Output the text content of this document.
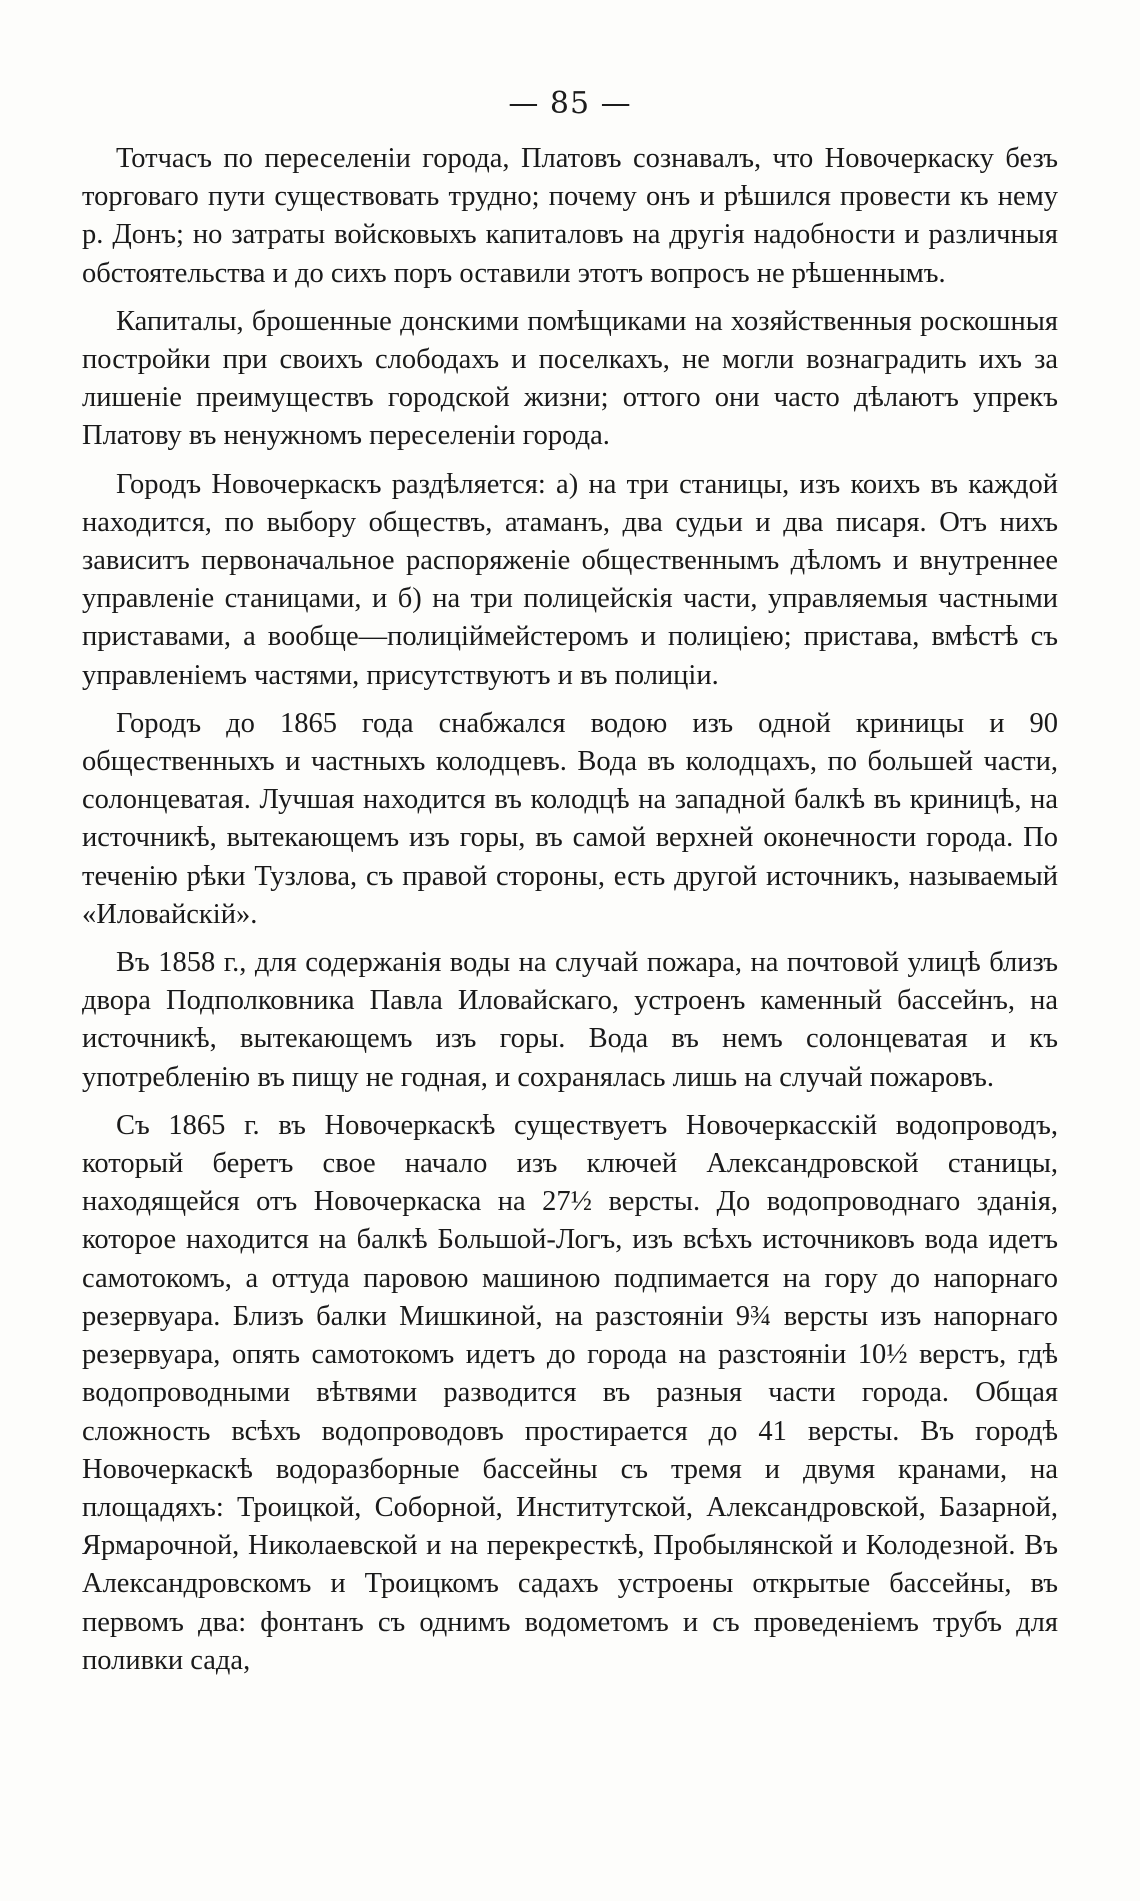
— 85 —

Тотчасъ по переселенiи города, Платовъ сознавалъ, что Новочеркаску безъ торговаго пути существовать трудно; почему онъ и рѣшился провести къ нему р. Донъ; но затраты войсковыхъ капиталовъ на другiя надобности и различныя обстоятельства и до сихъ поръ оставили этотъ вопросъ не рѣшеннымъ.

Капиталы, брошенные донскими помѣщиками на хозяйственныя роскошныя постройки при своихъ слободахъ и поселкахъ, не могли вознаградить ихъ за лишенiе преимуществъ городской жизни; оттого они часто дѣлаютъ упрекъ Платову въ ненужномъ переселенiи города.

Городъ Новочеркаскъ раздѣляется: а) на три станицы, изъ коихъ въ каждой находится, по выбору обществъ, атаманъ, два судьи и два писаря. Отъ нихъ зависитъ первоначальное распоряженiе общественнымъ дѣломъ и внутреннее управленiе станицами, и б) на три полицейскiя части, управляемыя частными приставами, а вообще—полицiймейстеромъ и полицiею; пристава, вмѣстѣ съ управленiемъ частями, присутствуютъ и въ полицiи.

Городъ до 1865 года снабжался водою изъ одной криницы и 90 общественныхъ и частныхъ колодцевъ. Вода въ колодцахъ, по большей части, солонцеватая. Лучшая находится въ колодцѣ на западной балкѣ въ криницѣ, на источникѣ, вытекающемъ изъ горы, въ самой верхней оконечности города. По теченiю рѣки Тузлова, съ правой стороны, есть другой источникъ, называемый «Иловайскiй».

Въ 1858 г., для содержанiя воды на случай пожара, на почтовой улицѣ близъ двора Подполковника Павла Иловайскаго, устроенъ каменный бассейнъ, на источникѣ, вытекающемъ изъ горы. Вода въ немъ солонцеватая и къ употребленiю въ пищу не годная, и сохранялась лишь на случай пожаровъ.

Съ 1865 г. въ Новочеркаскѣ существуетъ Новочеркасскiй водопроводъ, который беретъ свое начало изъ ключей Александровской станицы, находящейся отъ Новочеркаска на 27½ версты. До водопроводнаго зданiя, которое находится на балкѣ Большой-Логъ, изъ всѣхъ источниковъ вода идетъ самотокомъ, а оттуда паровою машиною подпимается на гору до напорнаго резервуара. Близъ балки Мишкиной, на разстоянiи 9¾ версты изъ напорнаго резервуара, опять самотокомъ идетъ до города на разстоянiи 10½ верстъ, гдѣ водопроводными вѣтвями разводится въ разныя части города. Общая сложность всѣхъ водопроводовъ простирается до 41 версты. Въ городѣ Новочеркаскѣ водоразборные бассейны съ тремя и двумя кранами, на площадяхъ: Троицкой, Соборной, Институтской, Александровской, Базарной, Ярмарочной, Николаевской и на перекресткѣ, Пробылянской и Колодезной. Въ Александровскомъ и Троицкомъ садахъ устроены открытые бассейны, въ первомъ два: фонтанъ съ однимъ водометомъ и съ проведенiемъ трубъ для поливки сада,
